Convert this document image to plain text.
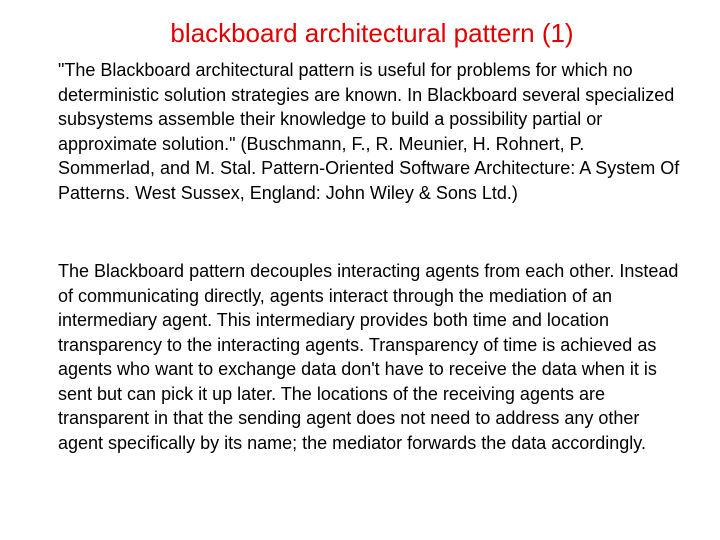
blackboard architectural pattern (1)
"The Blackboard architectural pattern is useful for problems for which no deterministic solution strategies are known. In Blackboard several specialized subsystems assemble their knowledge to build a possibility partial or approximate solution." (Buschmann, F., R. Meunier, H. Rohnert, P. Sommerlad, and M. Stal. Pattern-Oriented Software Architecture: A System Of Patterns. West Sussex, England: John Wiley & Sons Ltd.)
The Blackboard pattern decouples interacting agents from each other. Instead of communicating directly, agents interact through the mediation of an intermediary agent. This intermediary provides both time and location transparency to the interacting agents. Transparency of time is achieved as agents who want to exchange data don't have to receive the data when it is sent but can pick it up later. The locations of the receiving agents are transparent in that the sending agent does not need to address any other agent specifically by its name; the mediator forwards the data accordingly.
